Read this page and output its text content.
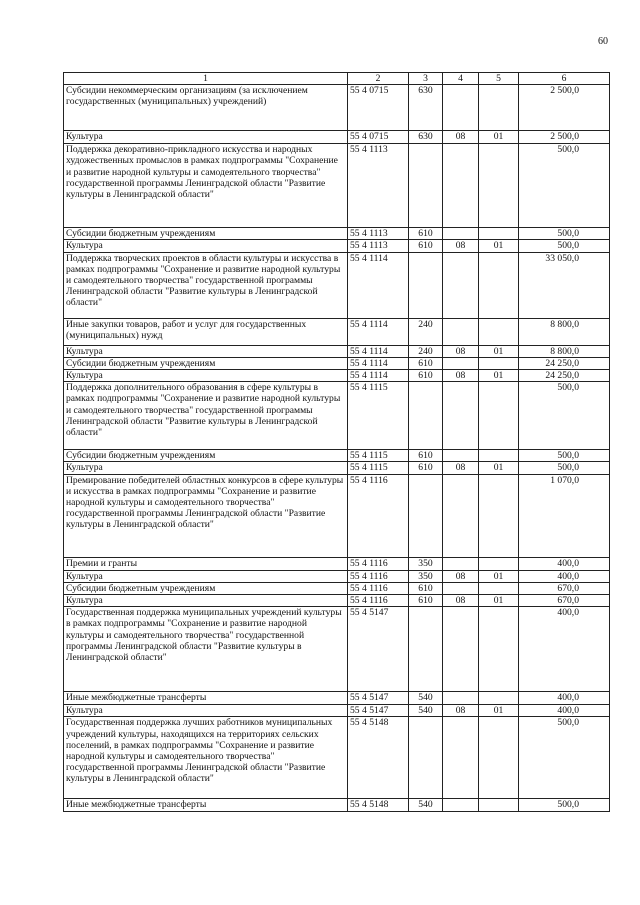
60
1	2	3	4	5	6
Субсидии некоммерческим организациям (за исключением государственных (муниципальных) учреждений)	55 4 0715	630			2 500,0
Культура	55 4 0715	630	08	01	2 500,0
Поддержка декоративно-прикладного искусства и народных художественных промыслов в рамках подпрограммы "Сохранение и развитие народной культуры и самодеятельного творчества" государственной программы Ленинградской области "Развитие культуры в Ленинградской области"	55 4 1113				500,0
Субсидии бюджетным учреждениям	55 4 1113	610			500,0
Культура	55 4 1113	610	08	01	500,0
Поддержка творческих проектов в области культуры и искусства в рамках подпрограммы "Сохранение и развитие народной культуры и самодеятельного творчества" государственной программы Ленинградской области "Развитие культуры в Ленинградской области"	55 4 1114				33 050,0
Иные закупки товаров, работ и услуг для государственных (муниципальных) нужд	55 4 1114	240			8 800,0
Культура	55 4 1114	240	08	01	8 800,0
Субсидии бюджетным учреждениям	55 4 1114	610			24 250,0
Культура	55 4 1114	610	08	01	24 250,0
Поддержка дополнительного образования в сфере культуры в рамках подпрограммы "Сохранение и развитие народной культуры и самодеятельного творчества" государственной программы Ленинградской области "Развитие культуры в Ленинградской области"	55 4 1115				500,0
Субсидии бюджетным учреждениям	55 4 1115	610			500,0
Культура	55 4 1115	610	08	01	500,0
Премирование победителей областных конкурсов в сфере культуры и искусства в рамках подпрограммы "Сохранение и развитие народной культуры и самодеятельного творчества" государственной программы Ленинградской области "Развитие культуры в Ленинградской области"	55 4 1116				1 070,0
Премии и гранты	55 4 1116	350			400,0
Культура	55 4 1116	350	08	01	400,0
Субсидии бюджетным учреждениям	55 4 1116	610			670,0
Культура	55 4 1116	610	08	01	670,0
Государственная поддержка муниципальных учреждений культуры в рамках подпрограммы "Сохранение и развитие народной культуры и самодеятельного творчества" государственной программы Ленинградской области "Развитие культуры в Ленинградской области"	55 4 5147				400,0
Иные межбюджетные трансферты	55 4 5147	540			400,0
Культура	55 4 5147	540	08	01	400,0
Государственная поддержка лучших работников муниципальных учреждений культуры, находящихся на территориях сельских поселений, в рамках подпрограммы "Сохранение и развитие народной культуры и самодеятельного творчества" государственной программы Ленинградской области "Развитие культуры в Ленинградской области"	55 4 5148				500,0
Иные межбюджетные трансферты	55 4 5148	540			500,0
